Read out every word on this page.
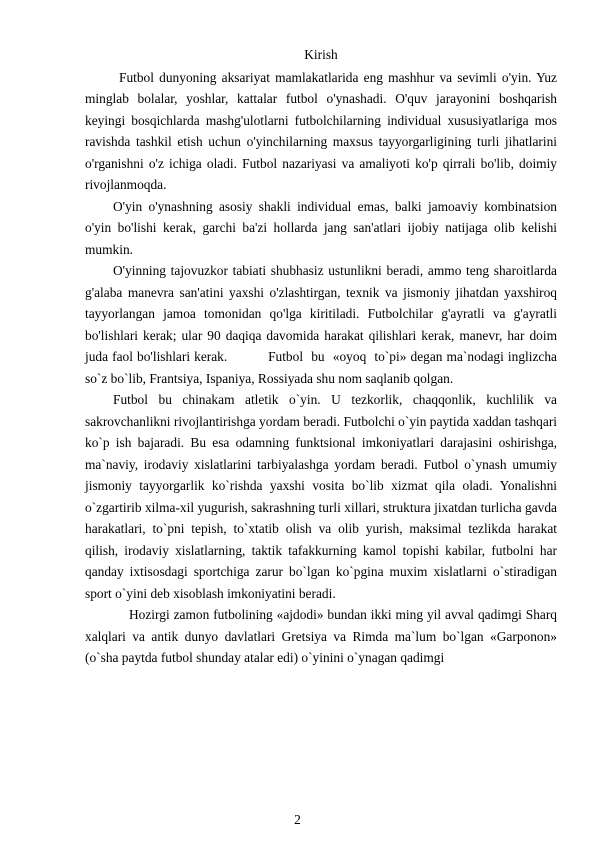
Kirish

Futbol dunyoning aksariyat mamlakatlarida eng mashhur va sevimli o'yin. Yuz minglab bolalar, yoshlar, kattalar futbol o'ynashadi. O'quv jarayonini boshqarish keyingi bosqichlarda mashg'ulotlarni futbolchilarning individual xususiyatlariga mos ravishda tashkil etish uchun o'yinchilarning maxsus tayyorgarligining turli jihatlarini o'rganishni o'z ichiga oladi. Futbol nazariyasi va amaliyoti ko'p qirrali bo'lib, doimiy rivojlanmoqda.

O'yin o'ynashning asosiy shakli individual emas, balki jamoaviy kombinatsion o'yin bo'lishi kerak, garchi ba'zi hollarda jang san'atlari ijobiy natijaga olib kelishi mumkin.

O'yinning tajovuzkor tabiati shubhasiz ustunlikni beradi, ammo teng sharoitlarda g'alaba manevra san'atini yaxshi o'zlashtirgan, texnik va jismoniy jihatdan yaxshiroq tayyorlangan jamoa tomonidan qo'lga kiritiladi. Futbolchilar g'ayratli va g'ayratli bo'lishlari kerak; ular 90 daqiqa davomida harakat qilishlari kerak, manevr, har doim juda faol bo'lishlari kerak.          Futbol  bu  «oyoq  to`pi» degan ma`nodagi inglizcha so`z bo`lib, Frantsiya, Ispaniya, Rossiyada shu nom saqlanib qolgan.

Futbol bu chinakam atletik o`yin. U tezkorlik, chaqqonlik, kuchlilik va sakrovchanlikni rivojlantirishga yordam beradi. Futbolchi o`yin paytida xaddan tashqari ko`p ish bajaradi. Bu esa odamning funktsional imkoniyatlari darajasini oshirishga, ma`naviy, irodaviy xislatlarini tarbiyalashga yordam beradi. Futbol o`ynash umumiy jismoniy tayyorgarlik ko`rishda yaxshi vosita bo`lib xizmat qila oladi. Yonalishni o`zgartirib xilma-xil yugurish, sakrashning turli xillari, struktura jixatdan turlicha gavda harakatlari, to`pni tepish, to`xtatib olish va olib yurish, maksimal tezlikda harakat qilish, irodaviy xislatlarning, taktik tafakkurning kamol topishi kabilar, futbolni har qanday ixtisosdagi sportchiga zarur bo`lgan ko`pgina muxim xislatlarni o`stiradigan sport o`yini deb xisoblash imkoniyatini beradi.

Hozirgi zamon futbolining «ajdodi» bundan ikki ming yil avval qadimgi Sharq xalqlari va antik dunyo davlatlari Gretsiya va Rimda ma`lum bo`lgan «Garponon» (o`sha paytda futbol shunday atalar edi) o`yinini o`ynagan qadimgi

2
